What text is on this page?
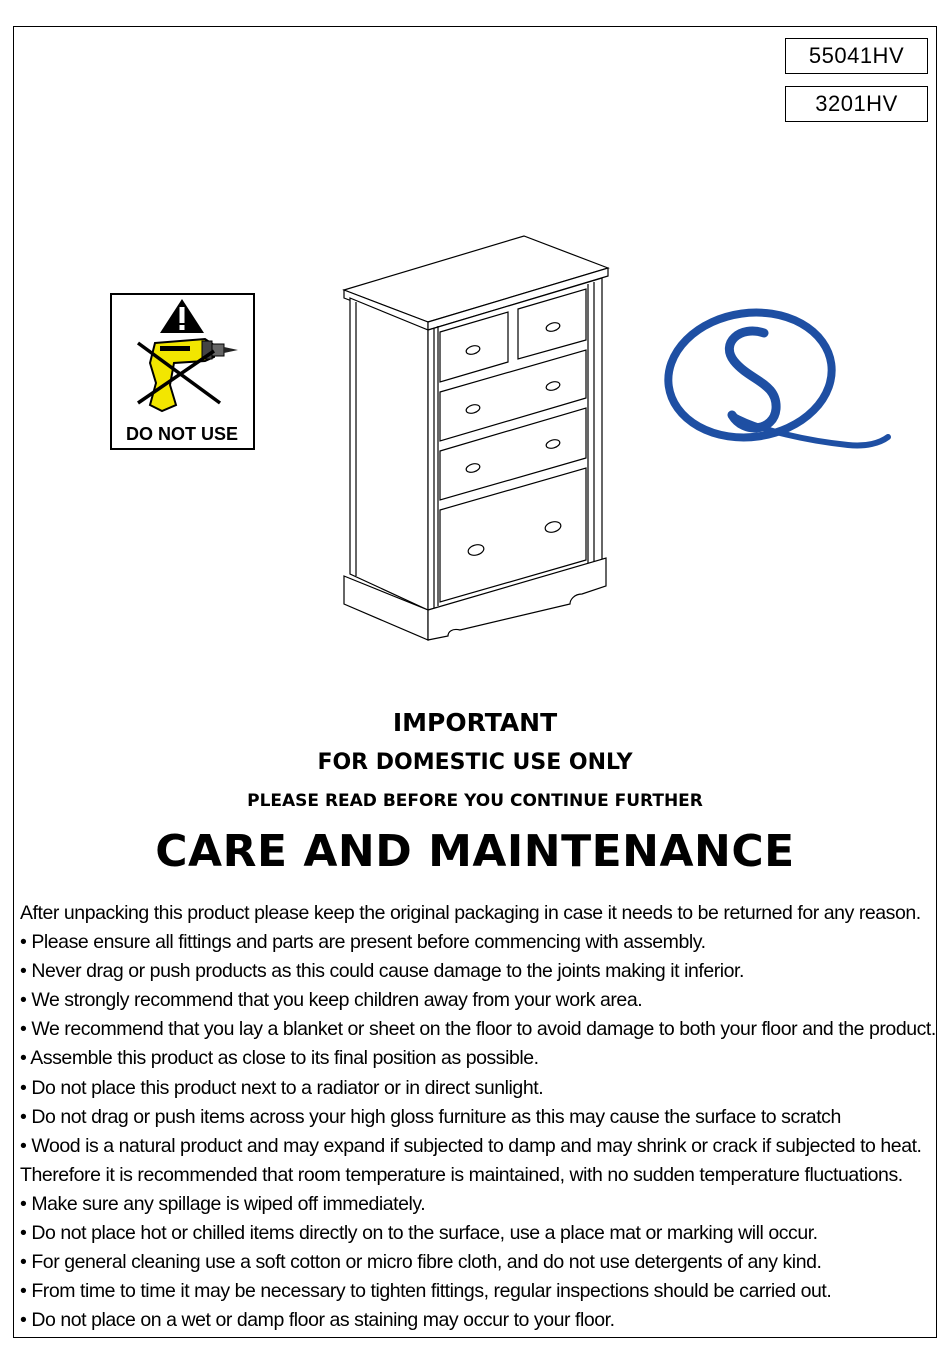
55041HV
3201HV
DO NOT USE
IMPORTANT
FOR DOMESTIC USE ONLY
PLEASE READ BEFORE YOU CONTINUE FURTHER
CARE AND MAINTENANCE
After unpacking this product please keep the original packaging in case it needs to be returned for any reason.
• Please ensure all fittings and parts are present before commencing with assembly.
• Never drag or push products as this could cause damage to the joints making it inferior.
• We strongly recommend that you keep children away from your work area.
• We recommend that you lay a blanket or sheet on the floor to avoid damage to both your floor and the product.
• Assemble this product as close to its final position as possible.
• Do not place this product next to a radiator or in direct sunlight.
• Do not drag or push items across your high gloss furniture as this may cause the surface to scratch
• Wood is a natural product and may expand if subjected to damp and may shrink or crack if subjected to heat.
Therefore it is recommended that room temperature is maintained, with no sudden temperature fluctuations.
• Make sure any spillage is wiped off immediately.
• Do not place hot or chilled items directly on to the surface, use a place mat or marking will occur.
• For general cleaning use a soft cotton or micro fibre cloth, and do not use detergents of any kind.
• From time to time it may be necessary to tighten fittings, regular inspections should be carried out.
• Do not place on a wet or damp floor as staining may occur to your floor.
